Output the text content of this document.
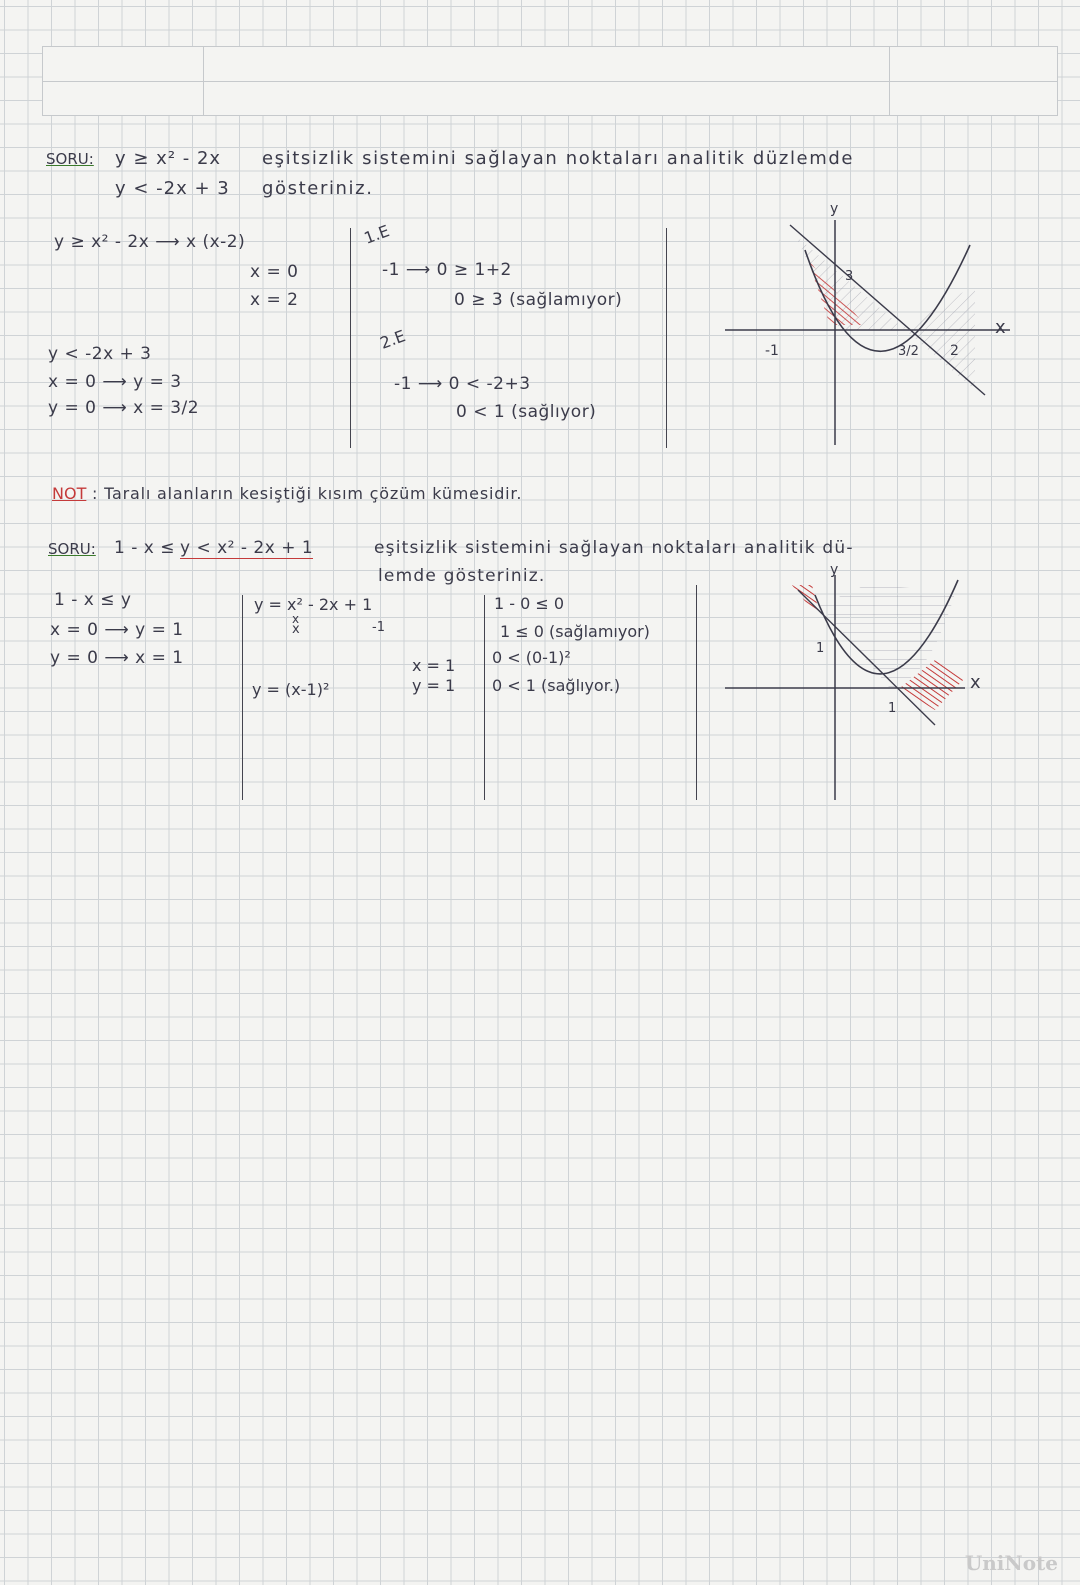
SORU: y ≥ x² - 2x
y < -2x + 3
eşitsizlik sistemini sağlayan noktaları analitik düzlemde
gösteriniz.
y ≥ x² - 2x ⟶ x (x-2)
x = 0
x = 2
y < -2x + 3
x = 0 ⟶ y = 3
y = 0 ⟶ x = 3/2
1.E
-1 ⟶ 0 ≥ 1+2
0 ≥ 3 (sağlamıyor)
2.E
-1 ⟶ 0 < -2+3
0 < 1 (sağlıyor)
y
x
-1
3
3/2 2
NOT : Taralı alanların kesiştiği kısım çözüm kümesidir.
SORU: 1 - x ≤ y < x² - 2x + 1	eşitsizlik sistemini sağlayan noktaları analitik dü-
lemde gösteriniz.
1 - x ≤ y
x = 0 ⟶ y = 1
y = 0 ⟶ x = 1
y = x² - 2x + 1
x
x	-1
y = (x-1)²
x = 1
y = 1
1 - 0 ≤ 0
1 ≤ 0 (sağlamıyor)
0 < (0-1)²
0 < 1 (sağlıyor.)
y
x
1
1
UniNote
